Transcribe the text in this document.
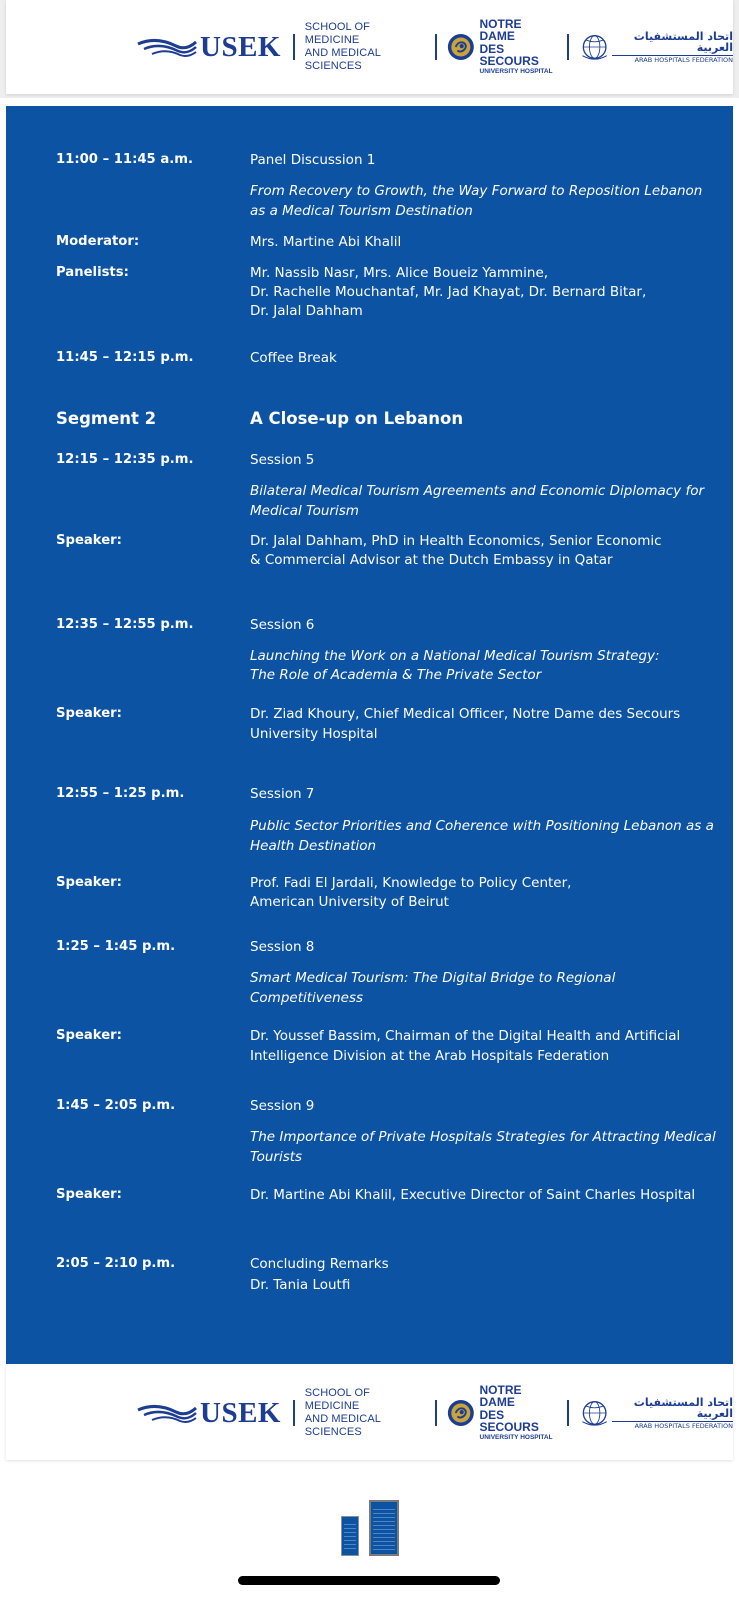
USEK
SCHOOL OF MEDICINE
AND MEDICAL SCIENCES
NOTRE DAME
DES SECOURS
UNIVERSITY HOSPITAL
اتحاد المستشفيات العربية
ARAB HOSPITALS FEDERATION
11:00 – 11:45 a.m.	Panel Discussion 1
From Recovery to Growth, the Way Forward to Reposition Lebanon as a Medical Tourism Destination
Moderator:	Mrs. Martine Abi Khalil
Panelists:	Mr. Nassib Nasr, Mrs. Alice Boueiz Yammine,
Dr. Rachelle Mouchantaf, Mr. Jad Khayat, Dr. Bernard Bitar,
Dr. Jalal Dahham
11:45 – 12:15 p.m.	Coffee Break
Segment 2	A Close-up on Lebanon
12:15 – 12:35 p.m.	Session 5
Bilateral Medical Tourism Agreements and Economic Diplomacy for Medical Tourism
Speaker:	Dr. Jalal Dahham, PhD in Health Economics, Senior Economic
& Commercial Advisor at the Dutch Embassy in Qatar
12:35 – 12:55 p.m.	Session 6
Launching the Work on a National Medical Tourism Strategy:
The Role of Academia & The Private Sector
Speaker:	Dr. Ziad Khoury, Chief Medical Officer, Notre Dame des Secours University Hospital
12:55 – 1:25 p.m.	Session 7
Public Sector Priorities and Coherence with Positioning Lebanon as a Health Destination
Speaker:	Prof. Fadi El Jardali, Knowledge to Policy Center,
American University of Beirut
1:25 – 1:45 p.m.	Session 8
Smart Medical Tourism: The Digital Bridge to Regional Competitiveness
Speaker:	Dr. Youssef Bassim, Chairman of the Digital Health and Artificial Intelligence Division at the Arab Hospitals Federation
1:45 – 2:05 p.m.	Session 9
The Importance of Private Hospitals Strategies for Attracting Medical Tourists
Speaker:	Dr. Martine Abi Khalil, Executive Director of Saint Charles Hospital
2:05 – 2:10 p.m.	Concluding Remarks
Dr. Tania Loutfi
USEK
SCHOOL OF MEDICINE
AND MEDICAL SCIENCES
NOTRE DAME
DES SECOURS
UNIVERSITY HOSPITAL
اتحاد المستشفيات العربية
ARAB HOSPITALS FEDERATION
